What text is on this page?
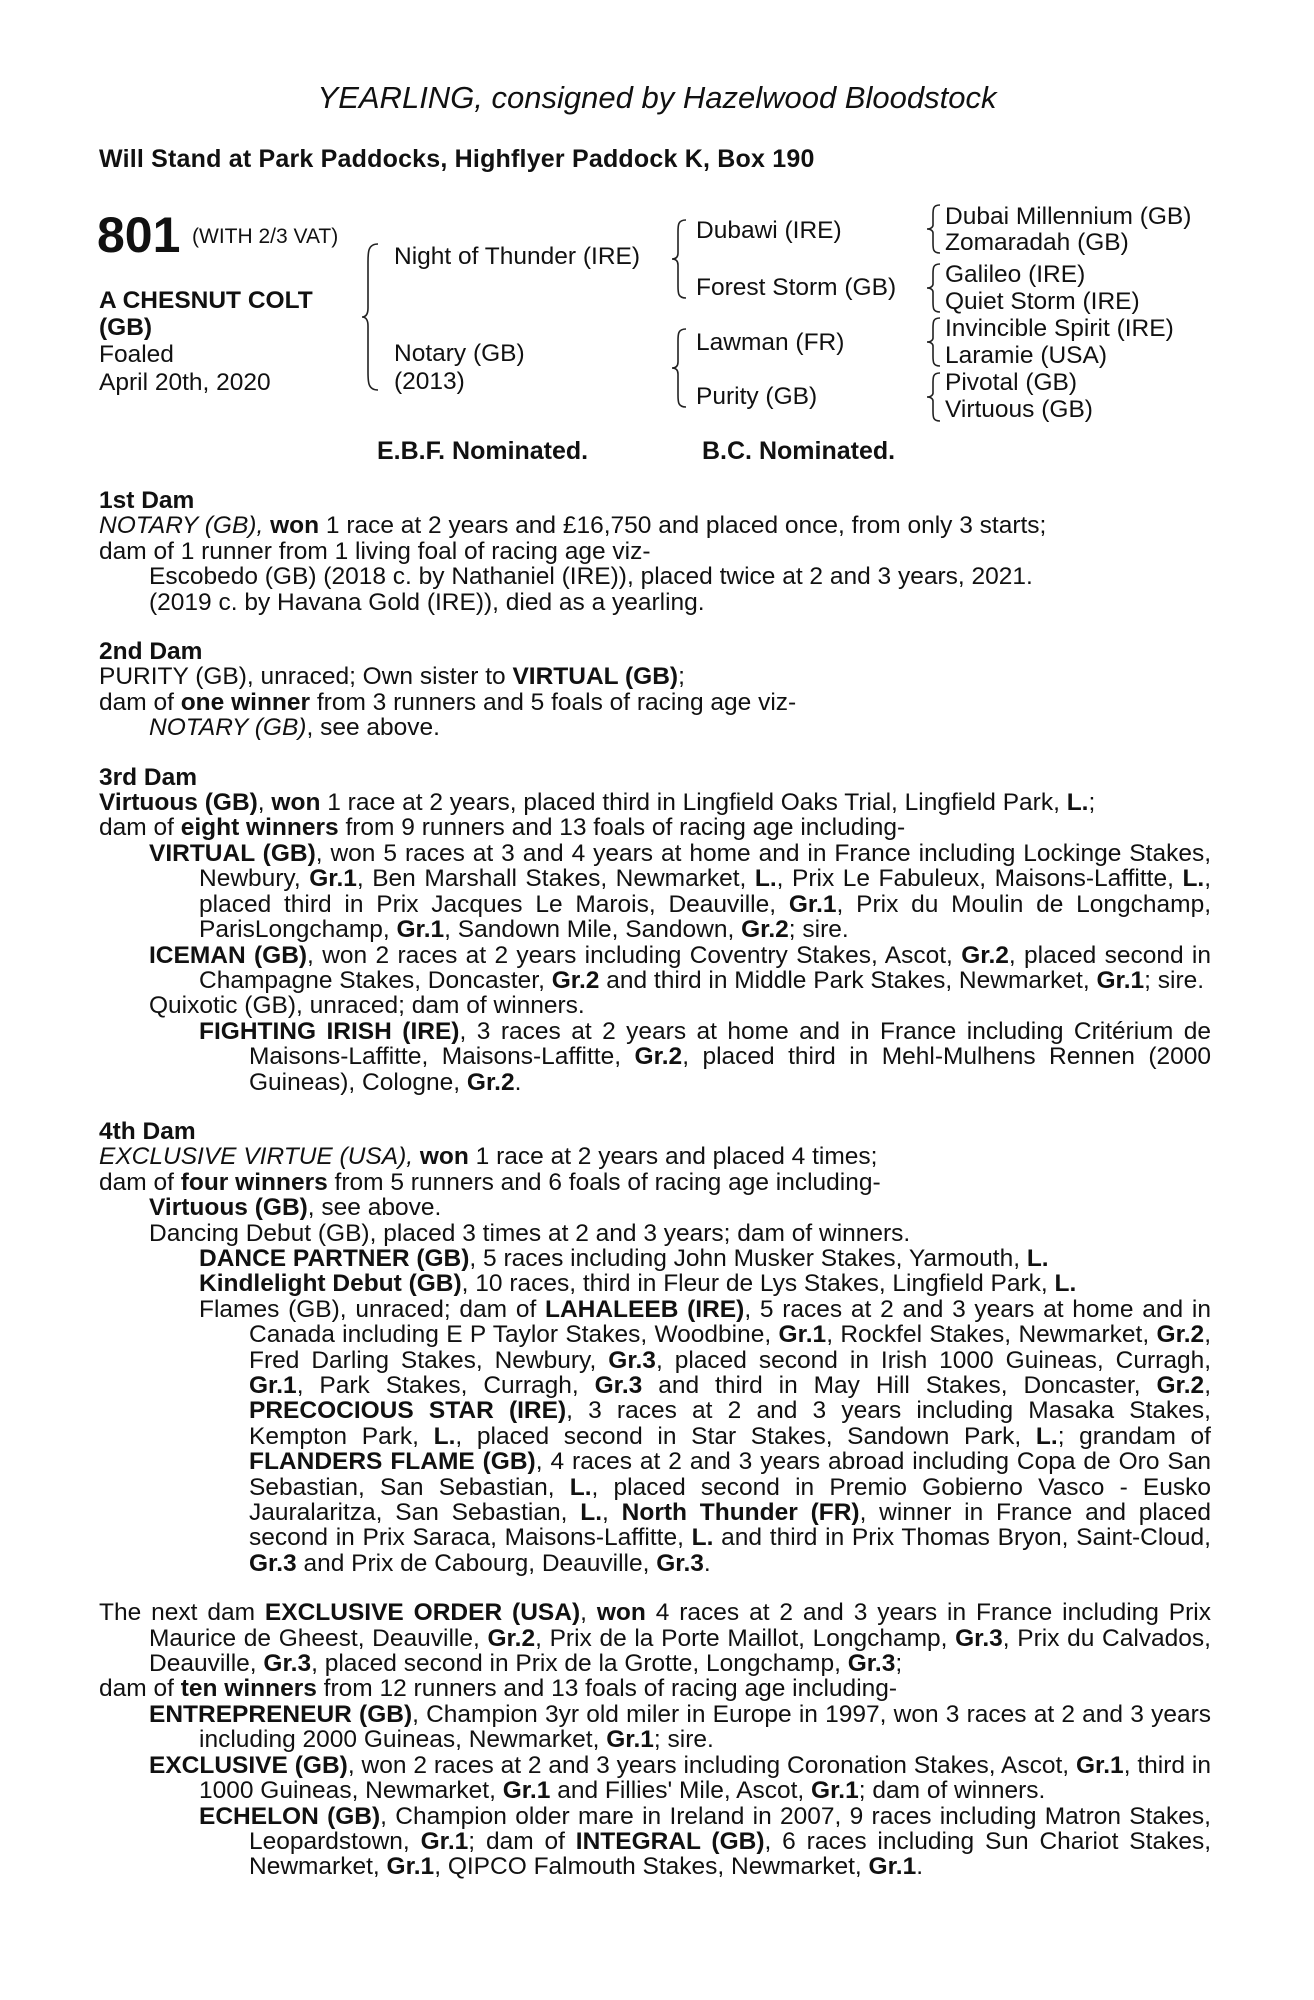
YEARLING, consigned by Hazelwood Bloodstock
Will Stand at Park Paddocks, Highflyer Paddock K, Box 190
801 (WITH 2/3 VAT)
A CHESNUT COLT
(GB)
Foaled
April 20th, 2020
Night of Thunder (IRE)
Notary (GB)
(2013)
Dubawi (IRE)
Forest Storm (GB)
Lawman (FR)
Purity (GB)
Dubai Millennium (GB)
Zomaradah (GB)
Galileo (IRE)
Quiet Storm (IRE)
Invincible Spirit (IRE)
Laramie (USA)
Pivotal (GB)
Virtuous (GB)
E.B.F. Nominated.	B.C. Nominated.
1st Dam
NOTARY (GB), won 1 race at 2 years and £16,750 and placed once, from only 3 starts;
dam of 1 runner from 1 living foal of racing age viz-
Escobedo (GB) (2018 c. by Nathaniel (IRE)), placed twice at 2 and 3 years, 2021.
(2019 c. by Havana Gold (IRE)), died as a yearling.
2nd Dam
PURITY (GB), unraced; Own sister to VIRTUAL (GB);
dam of one winner from 3 runners and 5 foals of racing age viz-
NOTARY (GB), see above.
3rd Dam
Virtuous (GB), won 1 race at 2 years, placed third in Lingfield Oaks Trial, Lingfield Park, L.;
dam of eight winners from 9 runners and 13 foals of racing age including-
VIRTUAL (GB), won 5 races at 3 and 4 years at home and in France including Lockinge Stakes, Newbury, Gr.1, Ben Marshall Stakes, Newmarket, L., Prix Le Fabuleux, Maisons-Laffitte, L., placed third in Prix Jacques Le Marois, Deauville, Gr.1, Prix du Moulin de Longchamp, ParisLongchamp, Gr.1, Sandown Mile, Sandown, Gr.2; sire.
ICEMAN (GB), won 2 races at 2 years including Coventry Stakes, Ascot, Gr.2, placed second in Champagne Stakes, Doncaster, Gr.2 and third in Middle Park Stakes, Newmarket, Gr.1; sire.
Quixotic (GB), unraced; dam of winners.
FIGHTING IRISH (IRE), 3 races at 2 years at home and in France including Critérium de Maisons-Laffitte, Maisons-Laffitte, Gr.2, placed third in Mehl-Mulhens Rennen (2000 Guineas), Cologne, Gr.2.
4th Dam
EXCLUSIVE VIRTUE (USA), won 1 race at 2 years and placed 4 times;
dam of four winners from 5 runners and 6 foals of racing age including-
Virtuous (GB), see above.
Dancing Debut (GB), placed 3 times at 2 and 3 years; dam of winners.
DANCE PARTNER (GB), 5 races including John Musker Stakes, Yarmouth, L.
Kindlelight Debut (GB), 10 races, third in Fleur de Lys Stakes, Lingfield Park, L.
Flames (GB), unraced; dam of LAHALEEB (IRE), 5 races at 2 and 3 years at home and in Canada including E P Taylor Stakes, Woodbine, Gr.1, Rockfel Stakes, Newmarket, Gr.2, Fred Darling Stakes, Newbury, Gr.3, placed second in Irish 1000 Guineas, Curragh, Gr.1, Park Stakes, Curragh, Gr.3 and third in May Hill Stakes, Doncaster, Gr.2, PRECOCIOUS STAR (IRE), 3 races at 2 and 3 years including Masaka Stakes, Kempton Park, L., placed second in Star Stakes, Sandown Park, L.; grandam of FLANDERS FLAME (GB), 4 races at 2 and 3 years abroad including Copa de Oro San Sebastian, San Sebastian, L., placed second in Premio Gobierno Vasco - Eusko Jauralaritza, San Sebastian, L., North Thunder (FR), winner in France and placed second in Prix Saraca, Maisons-Laffitte, L. and third in Prix Thomas Bryon, Saint-Cloud, Gr.3 and Prix de Cabourg, Deauville, Gr.3.
The next dam EXCLUSIVE ORDER (USA), won 4 races at 2 and 3 years in France including Prix Maurice de Gheest, Deauville, Gr.2, Prix de la Porte Maillot, Longchamp, Gr.3, Prix du Calvados, Deauville, Gr.3, placed second in Prix de la Grotte, Longchamp, Gr.3;
dam of ten winners from 12 runners and 13 foals of racing age including-
ENTREPRENEUR (GB), Champion 3yr old miler in Europe in 1997, won 3 races at 2 and 3 years including 2000 Guineas, Newmarket, Gr.1; sire.
EXCLUSIVE (GB), won 2 races at 2 and 3 years including Coronation Stakes, Ascot, Gr.1, third in 1000 Guineas, Newmarket, Gr.1 and Fillies' Mile, Ascot, Gr.1; dam of winners.
ECHELON (GB), Champion older mare in Ireland in 2007, 9 races including Matron Stakes, Leopardstown, Gr.1; dam of INTEGRAL (GB), 6 races including Sun Chariot Stakes, Newmarket, Gr.1, QIPCO Falmouth Stakes, Newmarket, Gr.1.
